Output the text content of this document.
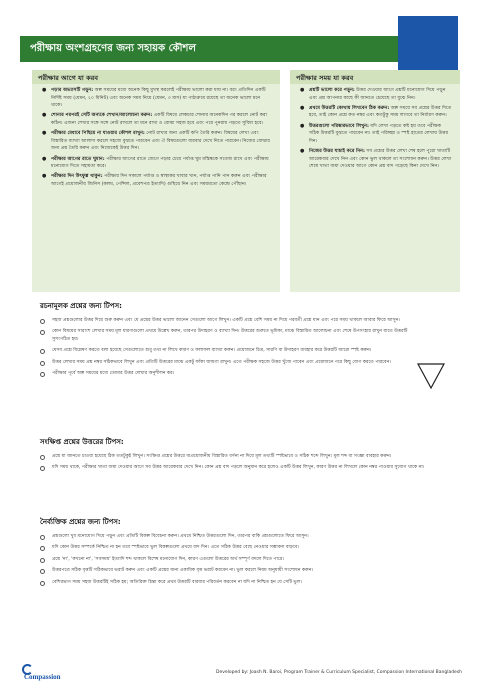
পরীক্ষায় অংশগ্রহণের জন্য সহায়ক কৌশল
পরীক্ষার আগে যা করব
● পড়ার অভ্যাসটি গড়ুন: অল্প সময়ের মধ্যে অনেক কিছু মুখস্থ করলেই পরীক্ষায় ভালো করা যায় না। বরং প্রতিদিন একটি নির্দিষ্ট সময় (যেমন, ২০ মিনিট) এবং অনেক সময় নিয়ে (যেমন, ৩ মাস) যা পাঠ্যক্রমে রয়েছে তা অনেক ভালো মনে থাকে।
● শোনার পরপরই সেটি অন্যকে শেখান/আলোচনা করুন: একটি বিষয়ে লেকচার শোনার অনেকদিন পর করলে নোট করা কঠিন। এজন্য শেখার সঙ্গে সঙ্গে নোট রাখলে তা মনে রাখা ও বোঝা সহজ হবে এবং পরে পুনরায় পড়তে সুবিধা হবে।
● পরীক্ষার মেধাবে পিছিয়ে না যাওয়ার কৌশল রাখুন: নোট রাখার জন্য একটি কপি তৈরি করুন। বিষয়ের লেখা এবং বিস্তারিত ব্যাখ্যা আলাদা করলে সহজে বুঝতে পারবেন এবং ঐ বিষয়গুলো বারবার দেখে নিতে পারবেন। নিজের বোঝার জন্য প্রশ্ন তৈরি করুন এবং নিজেকেই উত্তর দিন।
● পরীক্ষার আগের রাতে ঘুমান: পরীক্ষার আগের রাতে জেগে পড়ার চেয়ে পর্যাপ্ত ঘুম মস্তিষ্ককে সতেজ রাখে এবং পরীক্ষায় মনোযোগ দিতে সহায়তা করে।
● পরীক্ষার দিন উৎফুল্ল থাকুন: পরীক্ষার দিন সকালে পর্যাপ্ত ও স্বাস্থ্যকর খাবার খান, পর্যাপ্ত পানি পান করুন এবং পরীক্ষার আগেই প্রয়োজনীয় জিনিস (কলম, পেন্সিল, প্রবেশপত্র ইত্যাদি) গুছিয়ে নিন এবং সময়মতো কেন্দ্রে পৌঁছান।
পরীক্ষার সময় যা করব
● প্রশ্নটি ভালো করে পড়ুন: উত্তর দেওয়ার আগে প্রশ্নটি মনোযোগ দিয়ে পড়ুন এবং প্রশ্ন আপনার কাছে কী জানতে চেয়েছে তা বুঝে নিন।
● প্রথমে উত্তরটি কোথায় লিখবেন ঠিক করুন: অল্প সময়ে সব প্রশ্নের উত্তর দিতে হবে, তাই কোন প্রশ্নে কত নম্বর এবং কতটুকু সময় লাগবে তা নির্ধারণ করুন।
● উত্তরগুলো পরিষ্কারভাবে লিখুন: যদি লেখা পড়তে কষ্ট হয় তবে পরীক্ষক সঠিক উত্তরটি বুঝতে পারবেন না। তাই পরিচ্ছন্ন ও স্পষ্ট হাতের লেখায় উত্তর দিন।
● নিজের উত্তর যাচাই করে নিন: সব প্রশ্নের উত্তর লেখা শেষ হলে পুরো খাতাটি আরেকবার দেখে নিন এবং কোন ভুল থাকলে তা সংশোধন করুন। উত্তর লেখা শেষে খাতা জমা দেওয়ার আগে কোন প্রশ্ন বাদ পড়েছে কিনা দেখে নিন।
রচনামূলক প্রশ্নের জন্য টিপস:
সহজ প্রশ্নগুলোর উত্তর দিয়ে শুরু করুন এবং যে প্রশ্নের উত্তর ভালো জানেন সেগুলো আগে লিখুন। একটি প্রশ্নে বেশি সময় না দিয়ে পরবর্তী প্রশ্নে যান এবং পরে সময় থাকলে আবার ফিরে আসুন।
কোন বিষয়ের সারাংশ লেখার সময় মূল ধারণাগুলো প্রথমে উল্লেখ করুন, তারপর উদাহরণ ও ব্যাখ্যা দিন। উত্তরের শুরুতে ভূমিকা, মাঝে বিস্তারিত আলোচনা এবং শেষে উপসংহার রাখুন যাতে উত্তরটি সুসংগঠিত হয়।
যেসব প্রশ্নে বিশ্লেষণ করতে বলা হয়েছে সেগুলোতে শুধু তথ্য না লিখে কারণ ও ফলাফল ব্যাখ্যা করুন। প্রয়োজনে চিত্র, সারণি বা উদাহরণ ব্যবহার করে উত্তরটি আরো স্পষ্ট করুন।
উত্তর লেখার সময় প্রশ্ন নম্বর সঠিকভাবে লিখুন এবং প্রতিটি উত্তরের মাঝে একটু ফাঁকা জায়গা রাখুন। এতে পরীক্ষক সহজে উত্তর খুঁজে পাবেন এবং প্রয়োজনে পরে কিছু যোগ করতে পারবেন।
পরীক্ষার পূর্বে অল্প সময়ের মধ্যে তোমার উত্তর লেখার অনুশীলন কর।
সংক্ষিপ্ত প্রশ্নের উত্তরের টিপস:
প্রশ্নে যা জানতে চাওয়া হয়েছে ঠিক ততটুকুই লিখুন। সংক্ষিপ্ত প্রশ্নের উত্তরে অপ্রয়োজনীয় বিস্তারিত বর্ণনা না দিয়ে মূল তথ্যটি স্পষ্টভাবে ও সঠিক শব্দে লিখুন। মূল শব্দ বা সংজ্ঞা ব্যবহার করুন।
যদি সময় থাকে, পরীক্ষার খাতা জমা দেওয়ার আগে সব উত্তর আরেকবার দেখে নিন। কোন প্রশ্ন বাদ পড়লে অনুমান করে হলেও একটি উত্তর লিখুন, কারণ উত্তর না লিখলে কোন নম্বর পাওয়ার সুযোগ থাকে না।
নৈর্ব্যক্তিক প্রশ্নের জন্য টিপস:
প্রশ্নগুলো খুব মনোযোগ দিয়ে পড়ুন এবং প্রতিটি বিকল্প বিবেচনা করুন। প্রথমে নিশ্চিত উত্তরগুলো দিন, তারপর বাকি প্রশ্নগুলোতে ফিরে আসুন।
যদি কোন উত্তর সম্পর্কে নিশ্চিত না হন তবে স্পষ্টভাবে ভুল বিকল্পগুলো প্রথমে বাদ দিন। এতে সঠিক উত্তর বেছে নেওয়ার সম্ভাবনা বাড়বে।
প্রশ্নে 'না', 'কখনো না', 'সবসময়' ইত্যাদি শব্দ থাকলে বিশেষ মনোযোগ দিন, কারণ এগুলো উত্তরের অর্থ সম্পূর্ণ বদলে দিতে পারে।
উত্তরপত্রে সঠিক বৃত্তটি সঠিকভাবে ভরাট করুন এবং একটি প্রশ্নের জন্য একাধিক বৃত্ত ভরাট করবেন না। ভুল করলে নিয়ম অনুযায়ী সংশোধন করুন।
বেশিরভাগ সময় সহজ উত্তরটিই সঠিক হয়; অতিরিক্ত চিন্তা করে প্রথম উত্তরটি বারবার পরিবর্তন করবেন না যদি না নিশ্চিত হন যে সেটি ভুল।
Compassion
Developed by: Joash N. Baroi, Program Trainer & Curriculum Specialist, Compassion International Bangladesh
